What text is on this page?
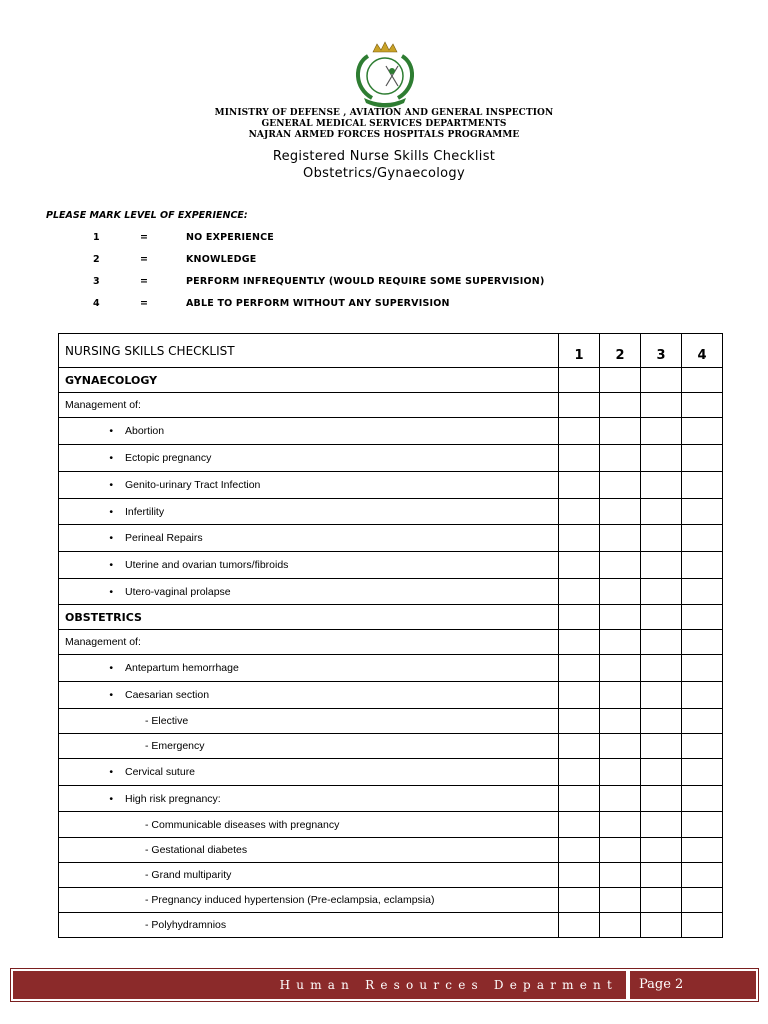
MINISTRY OF DEFENSE , AVIATION AND GENERAL INSPECTION
GENERAL MEDICAL SERVICES DEPARTMENTS
NAJRAN ARMED FORCES HOSPITALS PROGRAMME
Registered Nurse Skills Checklist
Obstetrics/Gynaecology
PLEASE MARK LEVEL OF EXPERIENCE:
1	=	NO EXPERIENCE
2	=	KNOWLEDGE
3	=	PERFORM INFREQUENTLY (WOULD REQUIRE SOME SUPERVISION)
4	=	ABLE TO PERFORM WITHOUT ANY SUPERVISION
NURSING SKILLS CHECKLIST	1	2	3	4
GYNAECOLOGY				
Management of:				
• Abortion				
• Ectopic pregnancy				
• Genito-urinary Tract Infection				
• Infertility				
• Perineal Repairs				
• Uterine and ovarian tumors/fibroids				
• Utero-vaginal prolapse				
OBSTETRICS				
Management of:				
• Antepartum hemorrhage				
• Caesarian section				
- Elective				
- Emergency				
• Cervical suture				
• High risk pregnancy:				
- Communicable diseases with pregnancy				
- Gestational diabetes				
- Grand multiparity				
- Pregnancy induced hypertension (Pre-eclampsia, eclampsia)				
- Polyhydramnios				
Human Resources Deparment Page 2
